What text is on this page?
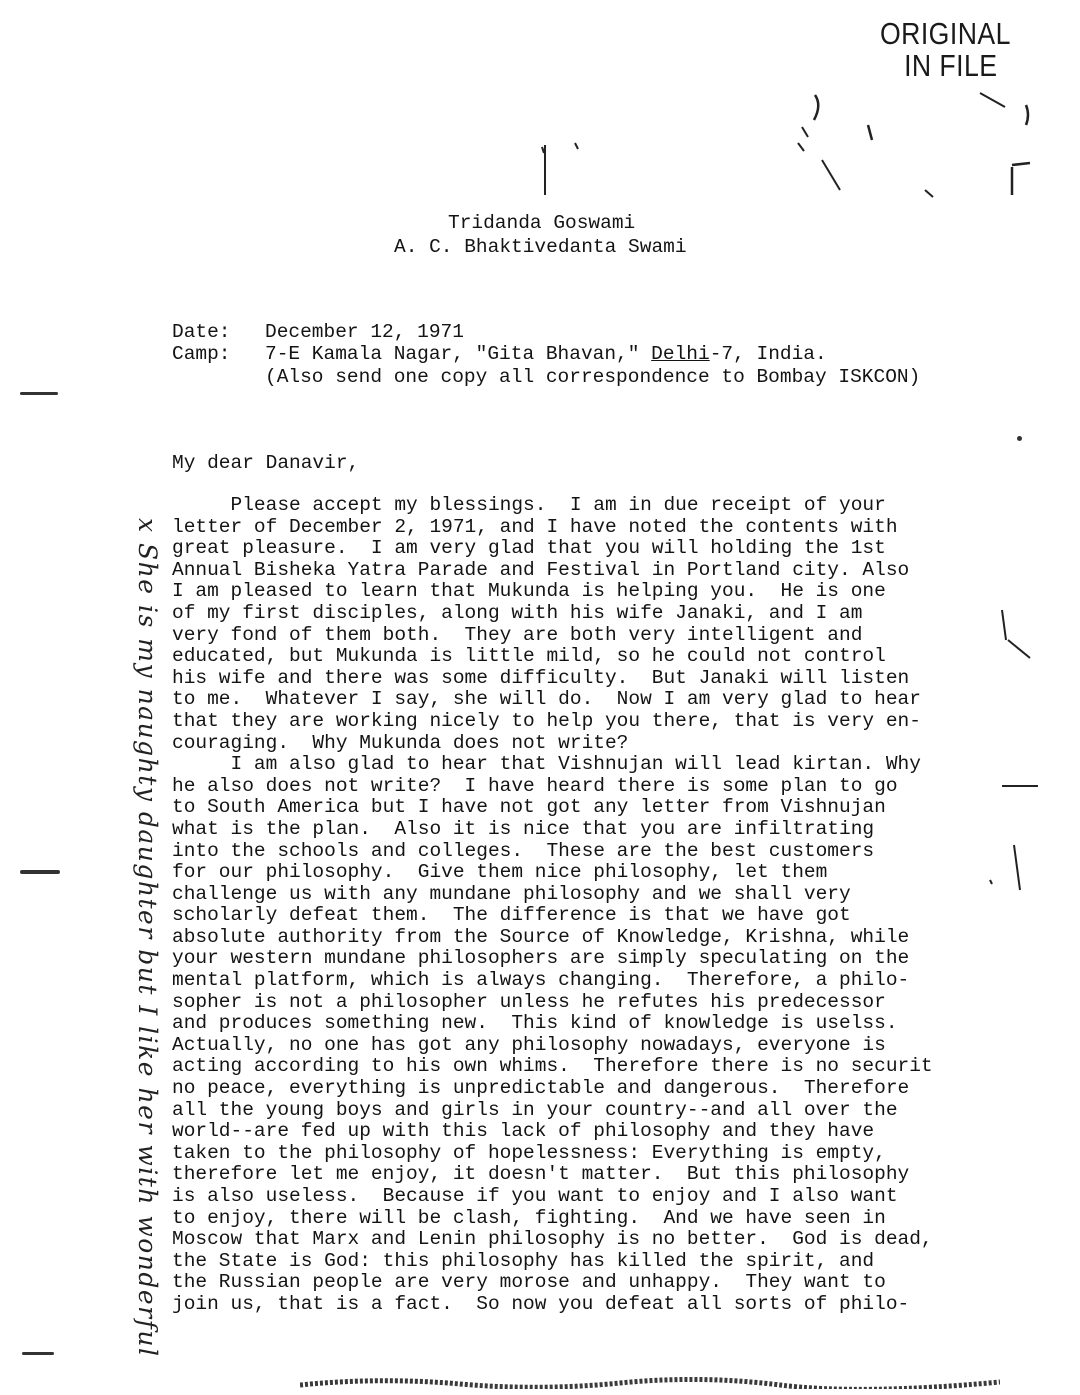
ORIGINAL
IN FILE
Tridanda Goswami
A. C. Bhaktivedanta Swami
Date:	December 12, 1971
Camp:	7-E Kamala Nagar, "Gita Bhavan," Delhi-7, India.
(Also send one copy all correspondence to Bombay ISKCON)
My dear Danavir,
Please accept my blessings.  I am in due receipt of your
letter of December 2, 1971, and I have noted the contents with
great pleasure.  I am very glad that you will holding the 1st
Annual Bisheka Yatra Parade and Festival in Portland city. Also
I am pleased to learn that Mukunda is helping you.  He is one
of my first disciples, along with his wife Janaki, and I am
very fond of them both.  They are both very intelligent and
educated, but Mukunda is little mild, so he could not control
his wife and there was some difficulty.  But Janaki will listen
to me.  Whatever I say, she will do.  Now I am very glad to hear
that they are working nicely to help you there, that is very en-
couraging.  Why Mukunda does not write?
I am also glad to hear that Vishnujan will lead kirtan. Why
he also does not write?  I have heard there is some plan to go
to South America but I have not got any letter from Vishnujan
what is the plan.  Also it is nice that you are infiltrating
into the schools and colleges.  These are the best customers
for our philosophy.  Give them nice philosophy, let them
challenge us with any mundane philosophy and we shall very
scholarly defeat them.  The difference is that we have got
absolute authority from the Source of Knowledge, Krishna, while
your western mundane philosophers are simply speculating on the
mental platform, which is always changing.  Therefore, a philo-
sopher is not a philosopher unless he refutes his predecessor
and produces something new.  This kind of knowledge is uselss.
Actually, no one has got any philosophy nowadays, everyone is
acting according to his own whims.  Therefore there is no securit
no peace, everything is unpredictable and dangerous.  Therefore
all the young boys and girls in your country--and all over the
world--are fed up with this lack of philosophy and they have
taken to the philosophy of hopelessness: Everything is empty,
therefore let me enjoy, it doesn't matter.  But this philosophy
is also useless.  Because if you want to enjoy and I also want
to enjoy, there will be clash, fighting.  And we have seen in
Moscow that Marx and Lenin philosophy is no better.  God is dead,
the State is God: this philosophy has killed the spirit, and
the Russian people are very morose and unhappy.  They want to
join us, that is a fact.  So now you defeat all sorts of philo-
x She is my naughty daughter but I like her with wonderful
